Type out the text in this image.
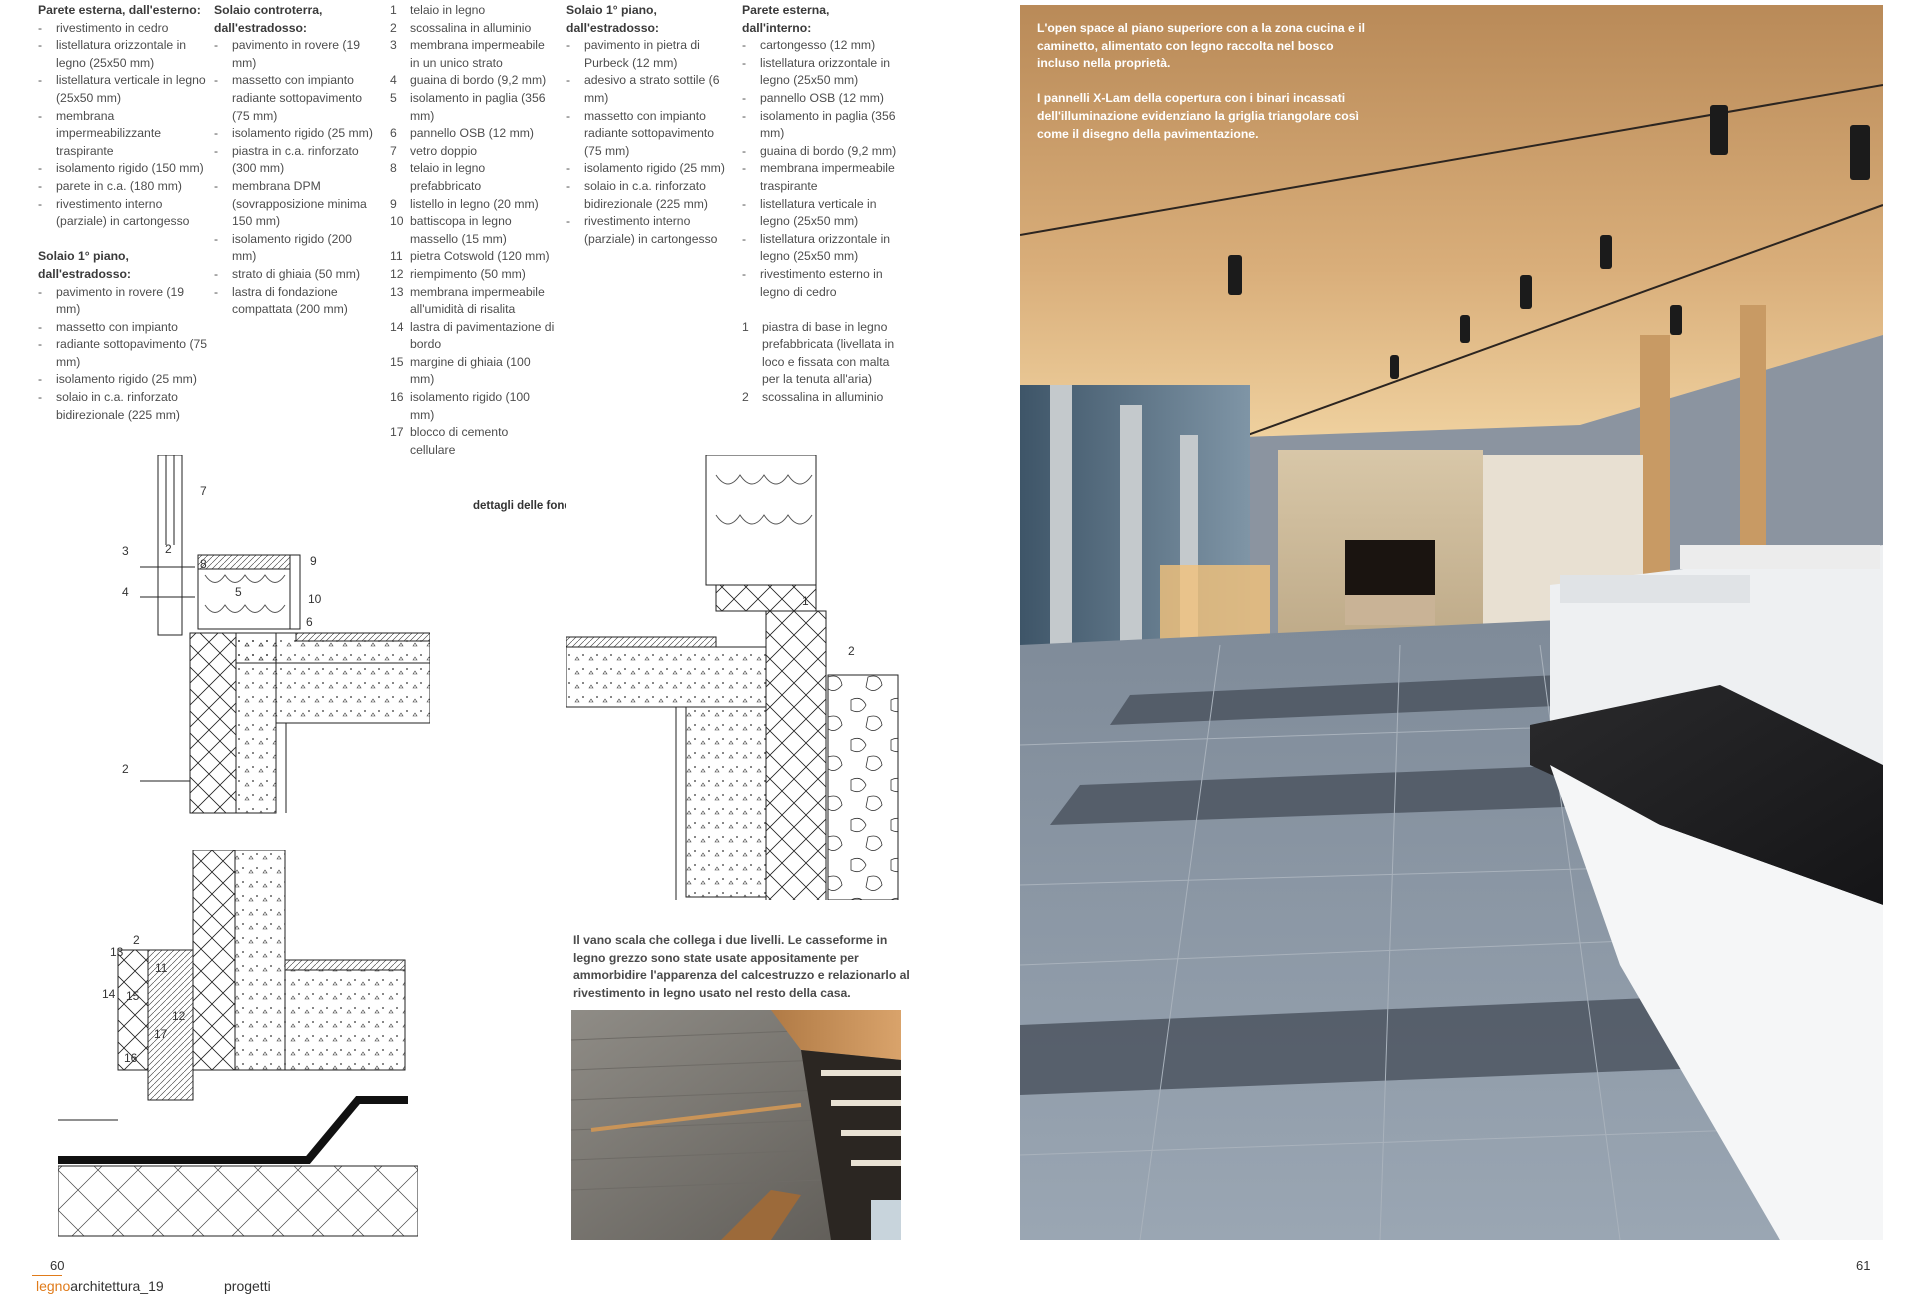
Parete esterna, dall'esterno:
- rivestimento in cedro
- listellatura orizzontale in legno (25x50 mm)
- listellatura verticale in legno (25x50 mm)
- membrana impermeabilizzante traspirante
- isolamento rigido (150 mm)
- parete in c.a. (180 mm)
- rivestimento interno (parziale) in cartongesso
Solaio 1° piano, dall'estradosso:
- pavimento in rovere (19 mm)
- massetto con impianto
- radiante sottopavimento (75 mm)
- isolamento rigido (25 mm)
- solaio in c.a. rinforzato bidirezionale (225 mm)
Solaio controterra, dall'estradosso:
- pavimento in rovere (19 mm)
- massetto con impianto radiante sottopavimento (75 mm)
- isolamento rigido (25 mm)
- piastra in c.a. rinforzato (300 mm)
- membrana DPM (sovrapposizione minima 150 mm)
- isolamento rigido (200 mm)
- strato di ghiaia (50 mm)
- lastra di fondazione compattata (200 mm)
1 telaio in legno
2 scossalina in alluminio
3 membrana impermeabile in un unico strato
4 guaina di bordo (9,2 mm)
5 isolamento in paglia (356 mm)
6 pannello OSB (12 mm)
7 vetro doppio
8 telaio in legno prefabbricato
9 listello in legno (20 mm)
10 battiscopa in legno massello (15 mm)
11 pietra Cotswold (120 mm)
12 riempimento (50 mm)
13 membrana impermeabile all'umidità di risalita
14 lastra di pavimentazione di bordo
15 margine di ghiaia (100 mm)
16 isolamento rigido (100 mm)
17 blocco di cemento cellulare
Solaio 1° piano, dall'estradosso:
- pavimento in pietra di Purbeck (12 mm)
- adesivo a strato sottile (6 mm)
- massetto con impianto radiante sottopavimento (75 mm)
- isolamento rigido (25 mm)
- solaio in c.a. rinforzato bidirezionale (225 mm)
- rivestimento interno (parziale) in cartongesso
Parete esterna, dall'interno:
- cartongesso (12 mm)
- listellatura orizzontale in legno (25x50 mm)
- pannello OSB (12 mm)
- isolamento in paglia (356 mm)
- guaina di bordo (9,2 mm)
- membrana impermeabile traspirante
- listellatura verticale in legno (25x50 mm)
- listellatura orizzontale in legno (25x50 mm)
- rivestimento esterno in legno di cedro
1 piastra di base in legno prefabbricata (livellata in loco e fissata con malta per la tenuta all'aria)
2 scossalina in alluminio
dettagli delle fondazioni
3	2
8	9
4	5	10
6
7
2
2
13
11
14 15
12
17
16
1
2
Il vano scala che collega i due livelli. Le casseforme in legno grezzo sono state usate appositamente per ammorbidire l'apparenza del calcestruzzo e relazionarlo al rivestimento in legno usato nel resto della casa.
L'open space al piano superiore con a la zona cucina e il caminetto, alimentato con legno raccolta nel bosco incluso nella proprietà.
I pannelli X-Lam della copertura con i binari incassati dell'illuminazione evidenziano la griglia triangolare così come il disegno della pavimentazione.
60
legnoarchitettura_19	progetti
61
